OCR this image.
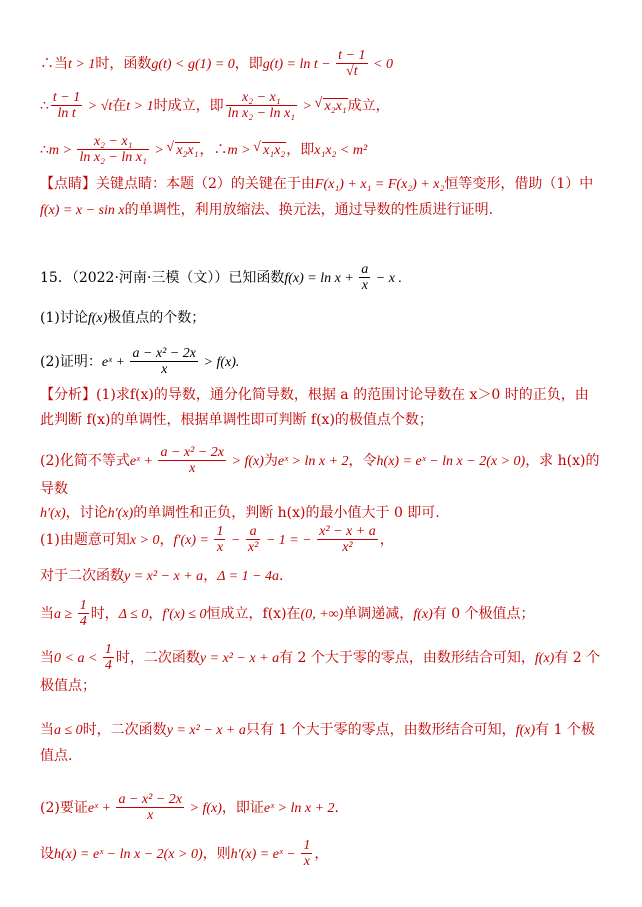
∴当t > 1时，函数g(t) < g(1) = 0，即$g(t) = \ln t - \frac{t - 1}{√t} < 0$
∴ $\frac{t - 1}{\text{ln t}} > √t$在t > 1时成立，即 $\frac{\text{x₂ − x₁}}{\text{ln x₂ − ln x₁}}$ > √ x₂x₁成立，
∴m > $\frac{\text{x₂ − x₁}}{\text{ln x₂ − ln x₁}}$ > √ x₂x₁，∴m > √ x₁x₂，即x₁x₂ < m²
【点睛】关键点睛：本题（2）的关键在于由F(x₁) + x₁ = F(x₂) + x₂恒等变形，借助（1）中
f(x) = x − sin x的单调性，利用放缩法、换元法，通过导数的性质进行证明.
15．（2022·河南·三模（文））已知函数$f(x) = \ln x + \frac{a}{x} - x$ .
(1)讨论f(x)极值点的个数；
(2)证明：eˣ + $\frac{\text{a − x² − 2x}}{x} > f(x)$.
【分析】(1)求f(x)的导数，通分化简导数，根据 a 的范围讨论导数在 x＞0 时的正负，由此判断 f(x)的单调性，根据单调性即可判断 f(x)的极值点个数；
(2)化简不等式eˣ + $\frac{\text{a − x² − 2x}}{x} > f(x)$为eˣ > ln x + 2，令h(x) = eˣ − ln x − 2(x > 0)，求 h(x)的导数
h′(x)，讨论h′(x)的单调性和正负，判断 h(x)的最小值大于 0 即可.
(1)由题意可知x > 0，$f'(x) = \frac{1}{x} - \frac{a}{\text{x²}} - 1$ = − $\frac{\text{x² − x + a}}{\text{x²}}$ ，
对于二次函数y = x² − x + a，Δ = 1 − 4a.
当$a \ge \frac{1}{4}$ 时，Δ ≤ 0，f′(x) ≤ 0恒成立，f(x)在(0, +∞)单调递减，f(x)有 0 个极值点；
当$0 < a < \frac{1}{4}$ 时，二次函数y = x² − x + a有 2 个大于零的零点，由数形结合可知，f(x)有 2 个极值点；
当a ≤ 0时，二次函数y = x² − x + a只有 1 个大于零的零点，由数形结合可知，f(x)有 1 个极值点.
(2)要证eˣ + $\frac{\text{a − x² − 2x}}{x} > f(x)$，即证eˣ > ln x + 2.
设h(x) = eˣ − ln x − 2(x > 0)，则h′(x) = eˣ − $\frac{1}{x}$ ，
